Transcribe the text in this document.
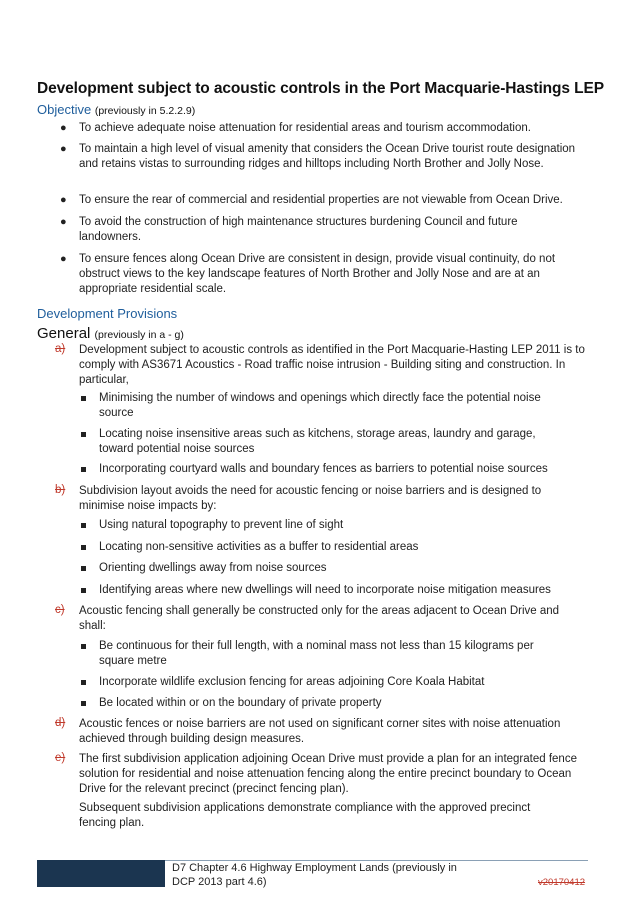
Development subject to acoustic controls in the Port Macquarie-Hastings LEP
Objective (previously in 5.2.2.9)
● To achieve adequate noise attenuation for residential areas and tourism accommodation.
● To maintain a high level of visual amenity that considers the Ocean Drive tourist route designation and retains vistas to surrounding ridges and hilltops including North Brother and Jolly Nose.
● To ensure the rear of commercial and residential properties are not viewable from Ocean Drive.
● To avoid the construction of high maintenance structures burdening Council and future landowners.
● To ensure fences along Ocean Drive are consistent in design, provide visual continuity, do not obstruct views to the key landscape features of North Brother and Jolly Nose and are at an appropriate residential scale.
Development Provisions
General (previously in a - g)
a) Development subject to acoustic controls as identified in the Port Macquarie-Hasting LEP 2011 is to comply with AS3671 Acoustics - Road traffic noise intrusion - Building siting and construction. In particular,
Minimising the number of windows and openings which directly face the potential noise source
Locating noise insensitive areas such as kitchens, storage areas, laundry and garage, toward potential noise sources
Incorporating courtyard walls and boundary fences as barriers to potential noise sources
b) Subdivision layout avoids the need for acoustic fencing or noise barriers and is designed to minimise noise impacts by:
Using natural topography to prevent line of sight
Locating non-sensitive activities as a buffer to residential areas
Orienting dwellings away from noise sources
Identifying areas where new dwellings will need to incorporate noise mitigation measures
c) Acoustic fencing shall generally be constructed only for the areas adjacent to Ocean Drive and shall:
Be continuous for their full length, with a nominal mass not less than 15 kilograms per square metre
Incorporate wildlife exclusion fencing for areas adjoining Core Koala Habitat
Be located within or on the boundary of private property
d) Acoustic fences or noise barriers are not used on significant corner sites with noise attenuation achieved through building design measures.
e) The first subdivision application adjoining Ocean Drive must provide a plan for an integrated fence solution for residential and noise attenuation fencing along the entire precinct boundary to Ocean Drive for the relevant precinct (precinct fencing plan).
Subsequent subdivision applications demonstrate compliance with the approved precinct fencing plan.
D7 Chapter 4.6 Highway Employment Lands (previously in DCP 2013 part 4.6)	v20170412
